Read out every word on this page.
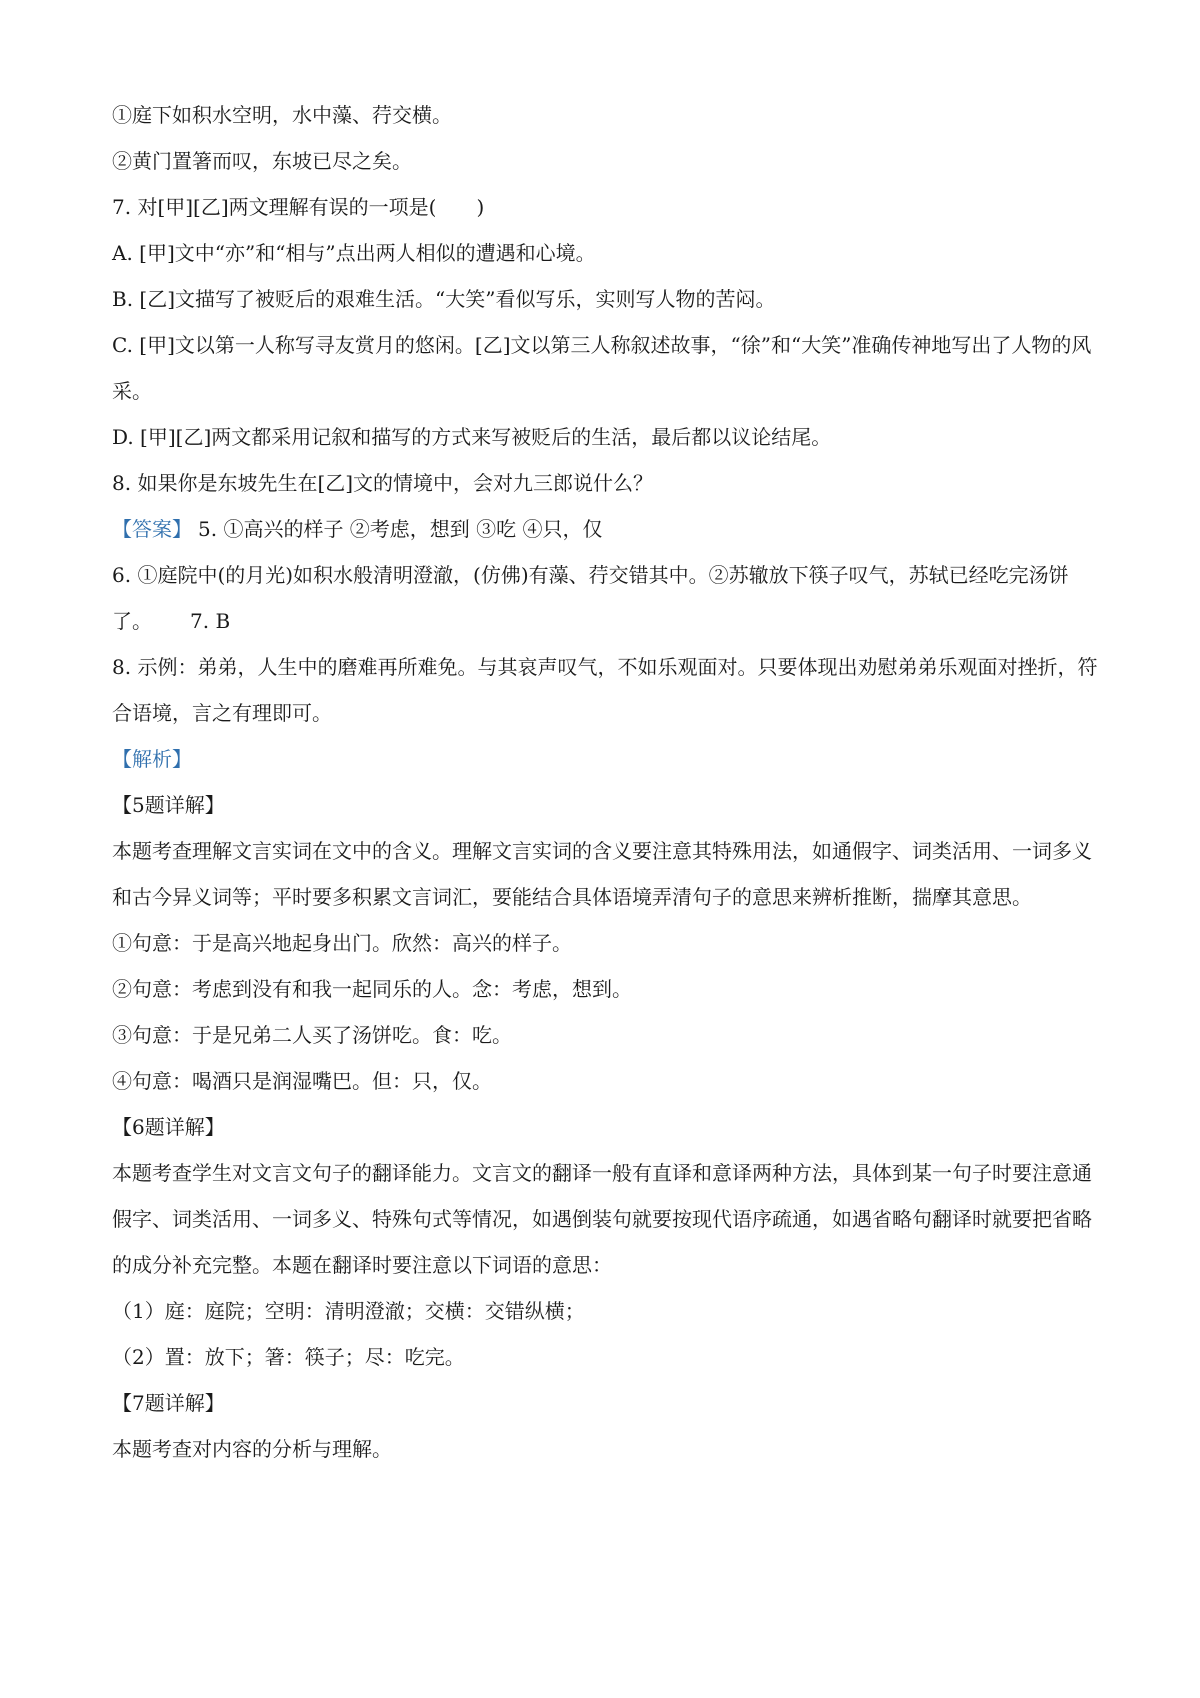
①庭下如积水空明，水中藻、荇交横。
②黄门置箸而叹，东坡已尽之矣。
7. 对[甲][乙]两文理解有误的一项是(　　)
A. [甲]文中“亦”和“相与”点出两人相似的遭遇和心境。
B. [乙]文描写了被贬后的艰难生活。“大笑”看似写乐，实则写人物的苦闷。
C. [甲]文以第一人称写寻友赏月的悠闲。[乙]文以第三人称叙述故事，“徐”和“大笑”准确传神地写出了人物的风采。
D. [甲][乙]两文都采用记叙和描写的方式来写被贬后的生活，最后都以议论结尾。
8. 如果你是东坡先生在[乙]文的情境中，会对九三郎说什么？
【答案】 5. ①高兴的样子 ②考虑，想到 ③吃 ④只，仅
6. ①庭院中(的月光)如积水般清明澄澈，(仿佛)有藻、荇交错其中。②苏辙放下筷子叹气，苏轼已经吃完汤饼了。 7. B
8. 示例：弟弟，人生中的磨难再所难免。与其哀声叹气，不如乐观面对。只要体现出劝慰弟弟乐观面对挫折，符合语境，言之有理即可。
【解析】
【5题详解】
本题考查理解文言实词在文中的含义。理解文言实词的含义要注意其特殊用法，如通假字、词类活用、一词多义和古今异义词等；平时要多积累文言词汇，要能结合具体语境弄清句子的意思来辨析推断，揣摩其意思。
①句意：于是高兴地起身出门。欣然：高兴的样子。
②句意：考虑到没有和我一起同乐的人。念：考虑，想到。
③句意：于是兄弟二人买了汤饼吃。食：吃。
④句意：喝酒只是润湿嘴巴。但：只，仅。
【6题详解】
本题考查学生对文言文句子的翻译能力。文言文的翻译一般有直译和意译两种方法，具体到某一句子时要注意通假字、词类活用、一词多义、特殊句式等情况，如遇倒装句就要按现代语序疏通，如遇省略句翻译时就要把省略的成分补充完整。本题在翻译时要注意以下词语的意思：
（1）庭：庭院；空明：清明澄澈；交横：交错纵横；
（2）置：放下；箸：筷子；尽：吃完。
【7题详解】
本题考查对内容的分析与理解。
